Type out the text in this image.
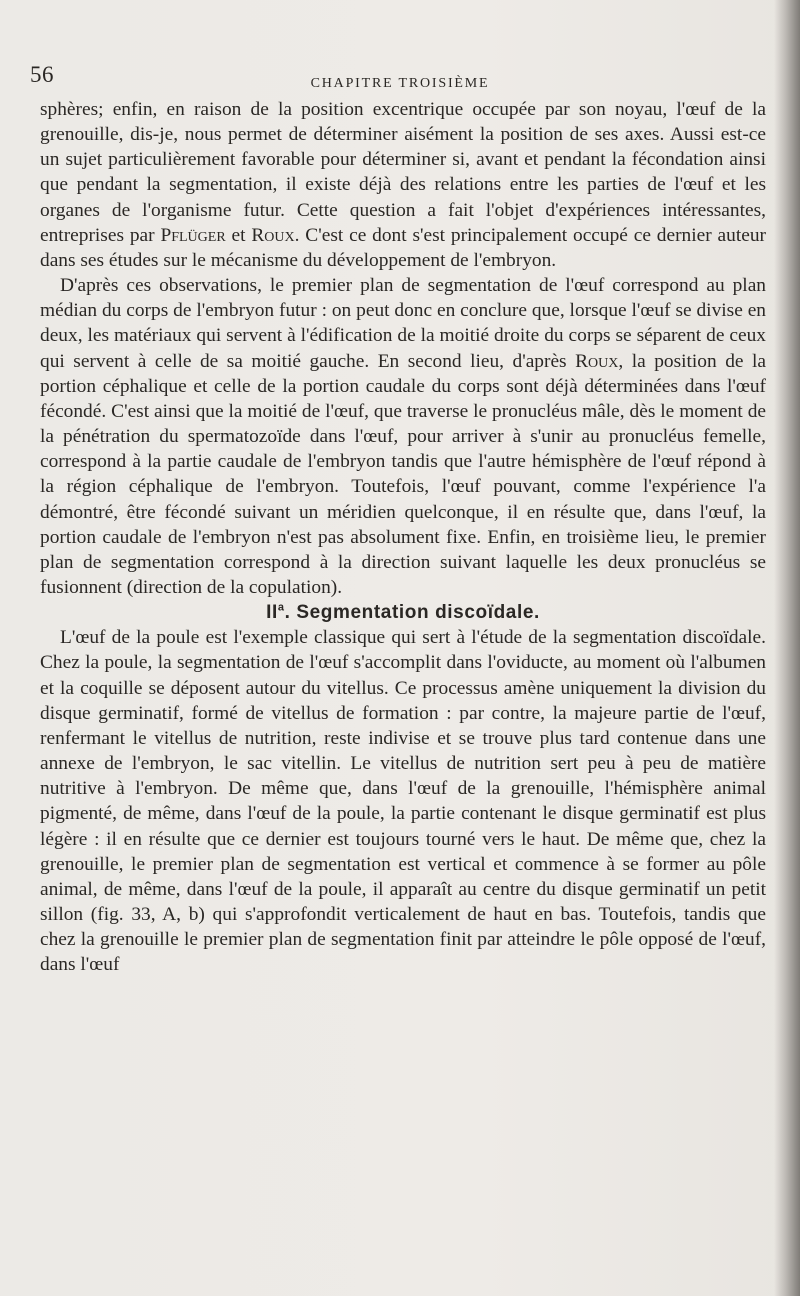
56	CHAPITRE TROISIÈME

sphères; enfin, en raison de la position excentrique occupée par son noyau, l'œuf de la grenouille, dis-je, nous permet de déterminer aisément la position de ses axes. Aussi est-ce un sujet particulièrement favorable pour déterminer si, avant et pendant la fécondation ainsi que pendant la segmentation, il existe déjà des relations entre les parties de l'œuf et les organes de l'organisme futur. Cette question a fait l'objet d'expériences intéressantes, entreprises par Pflüger et Roux. C'est ce dont s'est principalement occupé ce dernier auteur dans ses études sur le mécanisme du développement de l'embryon.

D'après ces observations, le premier plan de segmentation de l'œuf correspond au plan médian du corps de l'embryon futur : on peut donc en conclure que, lorsque l'œuf se divise en deux, les matériaux qui servent à l'édification de la moitié droite du corps se séparent de ceux qui servent à celle de sa moitié gauche. En second lieu, d'après Roux, la position de la portion céphalique et celle de la portion caudale du corps sont déjà déterminées dans l'œuf fécondé. C'est ainsi que la moitié de l'œuf, que traverse le pronucléus mâle, dès le moment de la pénétration du spermatozoïde dans l'œuf, pour arriver à s'unir au pronucléus femelle, correspond à la partie caudale de l'embryon tandis que l'autre hémisphère de l'œuf répond à la région céphalique de l'embryon. Toutefois, l'œuf pouvant, comme l'expérience l'a démontré, être fécondé suivant un méridien quelconque, il en résulte que, dans l'œuf, la portion caudale de l'embryon n'est pas absolument fixe. Enfin, en troisième lieu, le premier plan de segmentation correspond à la direction suivant laquelle les deux pronucléus se fusionnent (direction de la copulation).

$II^a$. Segmentation discoïdale.

L'œuf de la poule est l'exemple classique qui sert à l'étude de la segmentation discoïdale. Chez la poule, la segmentation de l'œuf s'accomplit dans l'oviducte, au moment où l'albumen et la coquille se déposent autour du vitellus. Ce processus amène uniquement la division du disque germinatif, formé de vitellus de formation : par contre, la majeure partie de l'œuf, renfermant le vitellus de nutrition, reste indivise et se trouve plus tard contenue dans une annexe de l'embryon, le sac vitellin. Le vitellus de nutrition sert peu à peu de matière nutritive à l'embryon. De même que, dans l'œuf de la grenouille, l'hémisphère animal pigmenté, de même, dans l'œuf de la poule, la partie contenant le disque germinatif est plus légère : il en résulte que ce dernier est toujours tourné vers le haut. De même que, chez la grenouille, le premier plan de segmentation est vertical et commence à se former au pôle animal, de même, dans l'œuf de la poule, il apparaît au centre du disque germinatif un petit sillon (fig. 33, A, b) qui s'approfondit verticalement de haut en bas. Toutefois, tandis que chez la grenouille le premier plan de segmentation finit par atteindre le pôle opposé de l'œuf, dans l'œuf
